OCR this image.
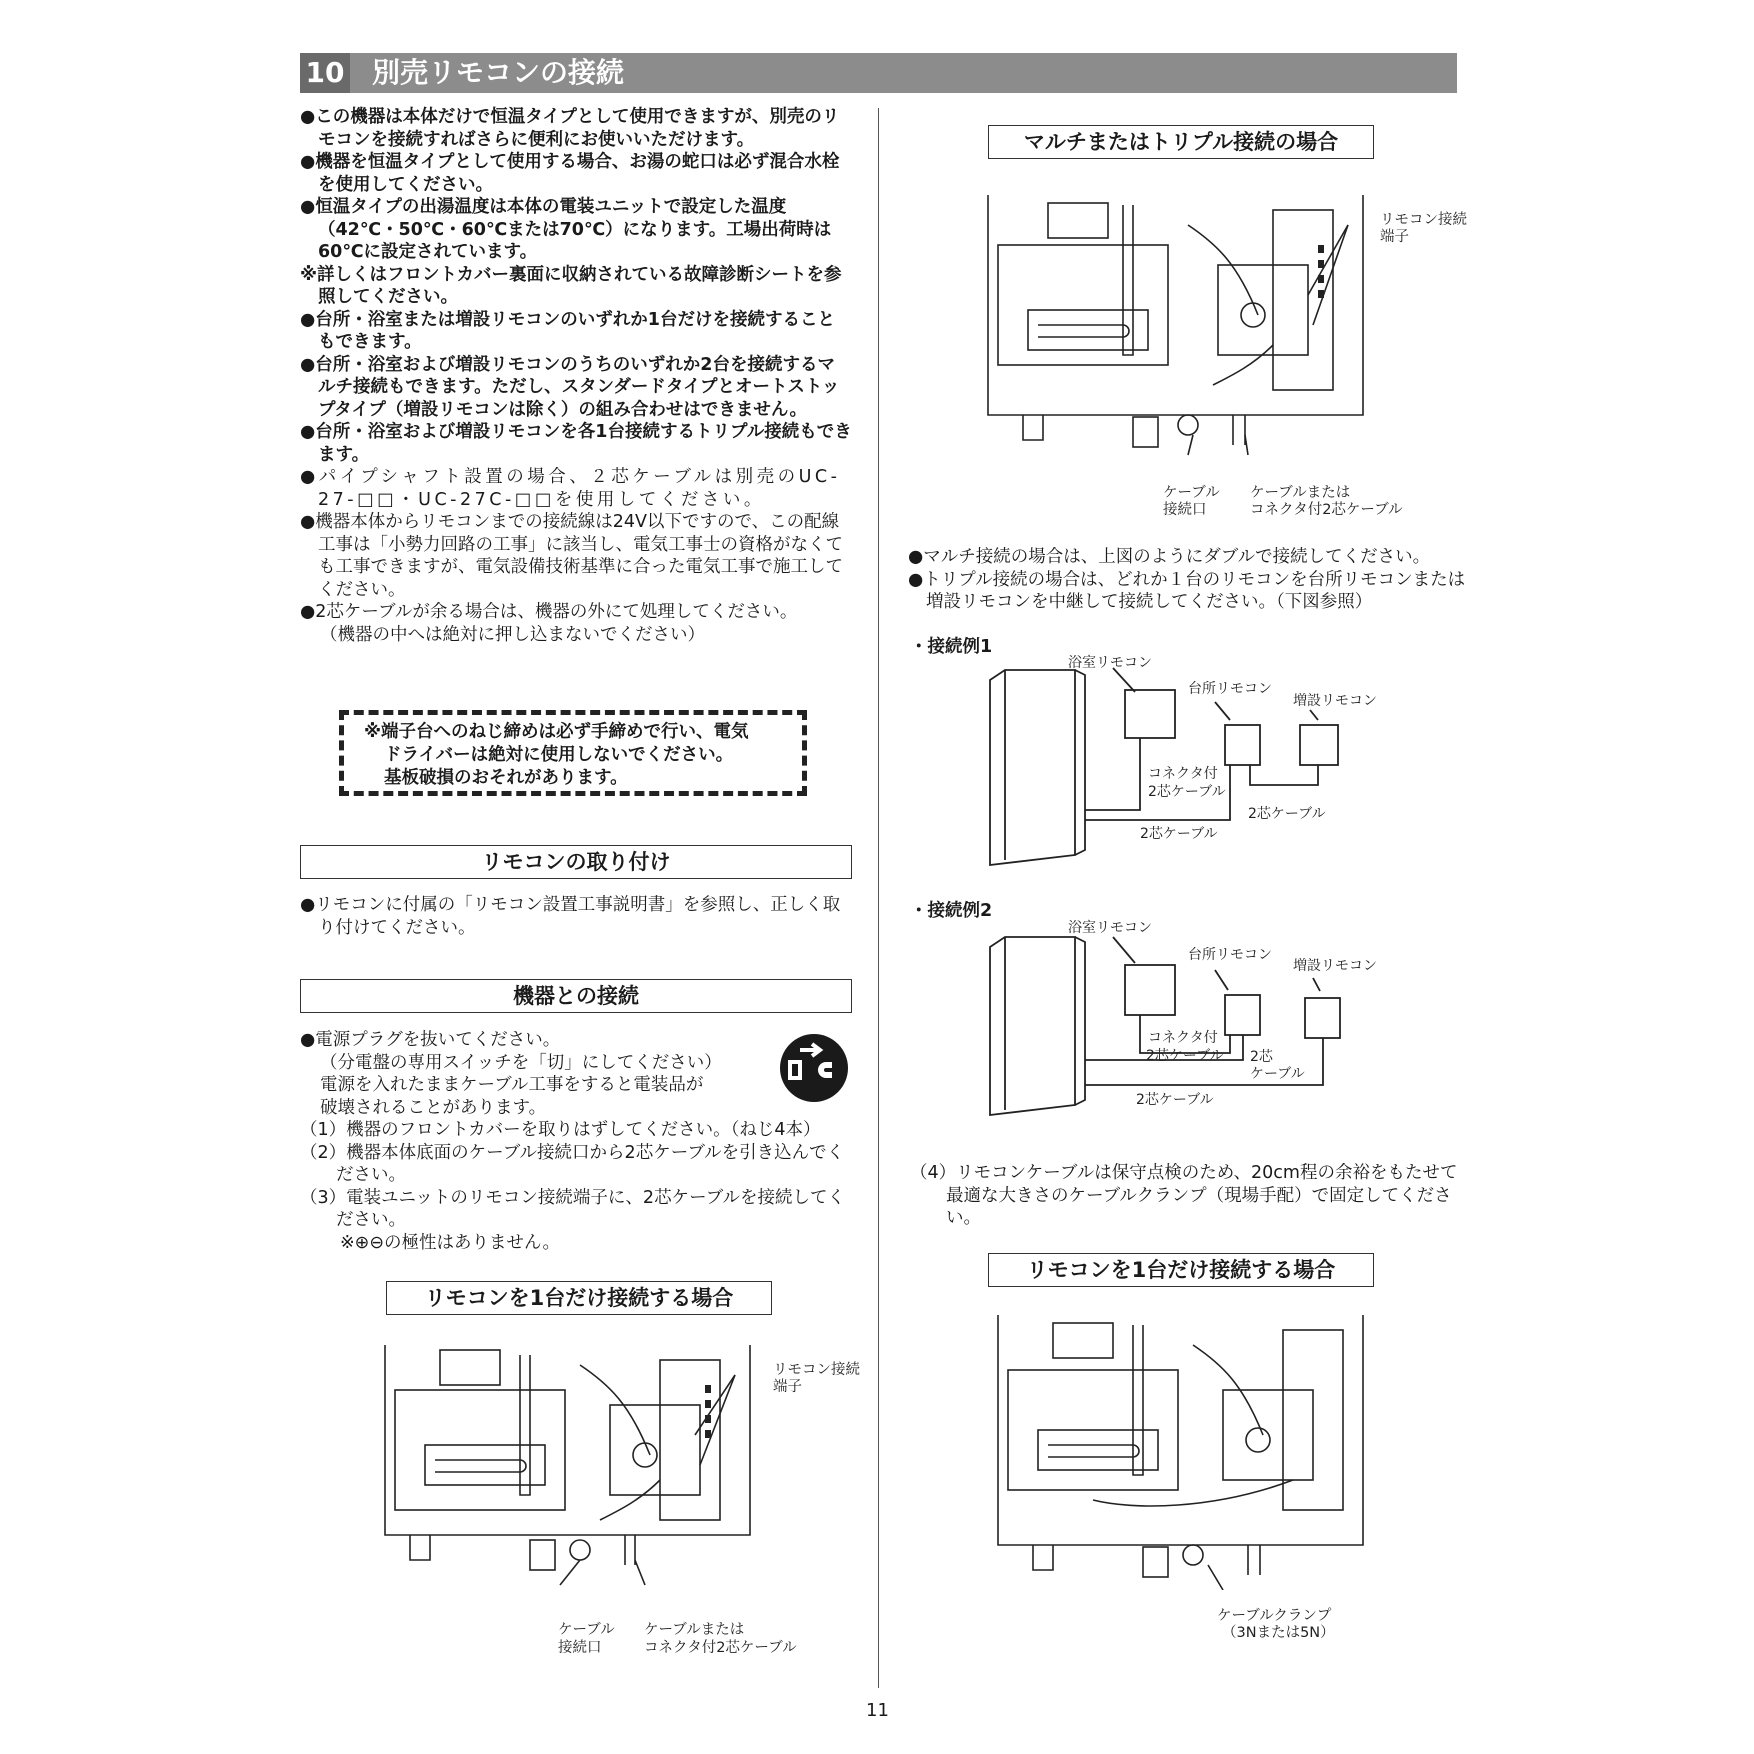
10 別売リモコンの接続

●この機器は本体だけで恒温タイプとして使用できますが、別売のリモコンを接続すればさらに便利にお使いいただけます。

●機器を恒温タイプとして使用する場合、お湯の蛇口は必ず混合水栓を使用してください。

●恒温タイプの出湯温度は本体の電装ユニットで設定した温度（42℃・50℃・60℃または70℃）になります。工場出荷時は60℃に設定されています。

※詳しくはフロントカバー裏面に収納されている故障診断シートを参照してください。

●台所・浴室または増設リモコンのいずれか1台だけを接続することもできます。

●台所・浴室および増設リモコンのうちのいずれか2台を接続するマルチ接続もできます。ただし、スタンダードタイプとオートストップタイプ（増設リモコンは除く）の組み合わせはできません。

●台所・浴室および増設リモコンを各1台接続するトリプル接続もできます。

●パイプシャフト設置の場合、２芯ケーブルは別売のUC-27-□□・UC-27C-□□を使用してください。

●機器本体からリモコンまでの接続線は24V以下ですので、この配線工事は「小勢力回路の工事」に該当し、電気工事士の資格がなくても工事できますが、電気設備技術基準に合った電気工事で施工してください。

●2芯ケーブルが余る場合は、機器の外にて処理してください。

（機器の中へは絶対に押し込まないでください）

※端子台へのねじ締めは必ず手締めで行い、電気
ドライバーは絶対に使用しないでください。
基板破損のおそれがあります。
リモコンの取り付け

●リモコンに付属の「リモコン設置工事説明書」を参照し、正しく取り付けてください。

機器との接続

●電源プラグを抜いてください。

（分電盤の専用スイッチを「切」にしてください）

電源を入れたままケーブル工事をすると電装品が

破壊されることがあります。

（1）機器のフロントカバーを取りはずしてください。（ねじ4本）

（2）機器本体底面のケーブル接続口から2芯ケーブルを引き込んでください。

（3）電装ユニットのリモコン接続端子に、2芯ケーブルを接続してください。

※⊕⊖の極性はありません。

リモコンを1台だけ接続する場合
リモコン接続
端子
ケーブル
接続口
ケーブルまたは
コネクタ付2芯ケーブル
マルチまたはトリプル接続の場合
リモコン接続
端子
ケーブル
接続口
ケーブルまたは
コネクタ付2芯ケーブル

●マルチ接続の場合は、上図のようにダブルで接続してください。

●トリプル接続の場合は、どれか１台のリモコンを台所リモコンまたは増設リモコンを中継して接続してください。（下図参照）

・接続例1
浴室リモコン
台所リモコン
増設リモコン
コネクタ付
2芯ケーブル
2芯ケーブル
2芯ケーブル
・接続例2
浴室リモコン
台所リモコン
増設リモコン
コネクタ付
2芯ケーブル 2芯
ケーブル
2芯ケーブル

（4）リモコンケーブルは保守点検のため、20cm程の余裕をもたせて最適な大きさのケーブルクランプ（現場手配）で固定してください。

リモコンを1台だけ接続する場合
ケーブルクランプ
（3Nまたは5N）
11
